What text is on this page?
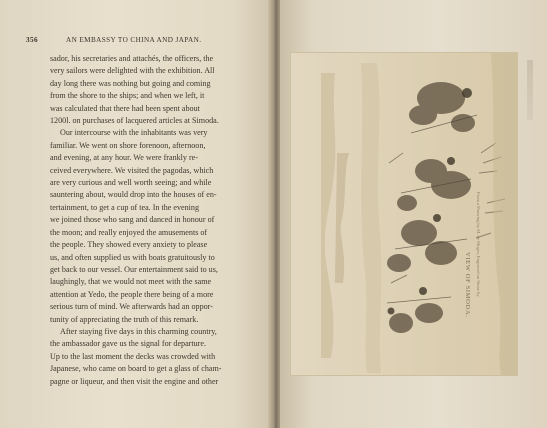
356	AN EMBASSY TO CHINA AND JAPAN.

sador, his secretaries and attachés, the officers, the

very sailors were delighted with the exhibition. All

day long there was nothing but going and coming

from the shore to the ships; and when we left, it

was calculated that there had been spent about

1200l. on purchases of lacquered articles at Simoda.

Our intercourse with the inhabitants was very

familiar. We went on shore forenoon, afternoon,

and evening, at any hour. We were frankly re-

ceived everywhere. We visited the pagodas, which

are very curious and well worth seeing; and while

sauntering about, would drop into the houses of en-

tertainment, to get a cup of tea. In the evening

we joined those who sang and danced in honour of

the moon; and really enjoyed the amusements of

the people. They showed every anxiety to please

us, and often supplied us with boats gratuitously to

get back to our vessel. Our entertainment said to us,

laughingly, that we would not meet with the same

attention at Yedo, the people there being of a more

serious turn of mind. We afterwards had an oppor-

tunity of appreciating the truth of this remark.

After staying five days in this charming country,

the ambassador gave us the signal for departure.

Up to the last moment the decks was crowded with

Japanese, who came on board to get a glass of cham-

pagne or liqueur, and then visit the engine and other

VIEW OF SIMODA. From a Drawing by M. de Moges, Engraved on Stone by
